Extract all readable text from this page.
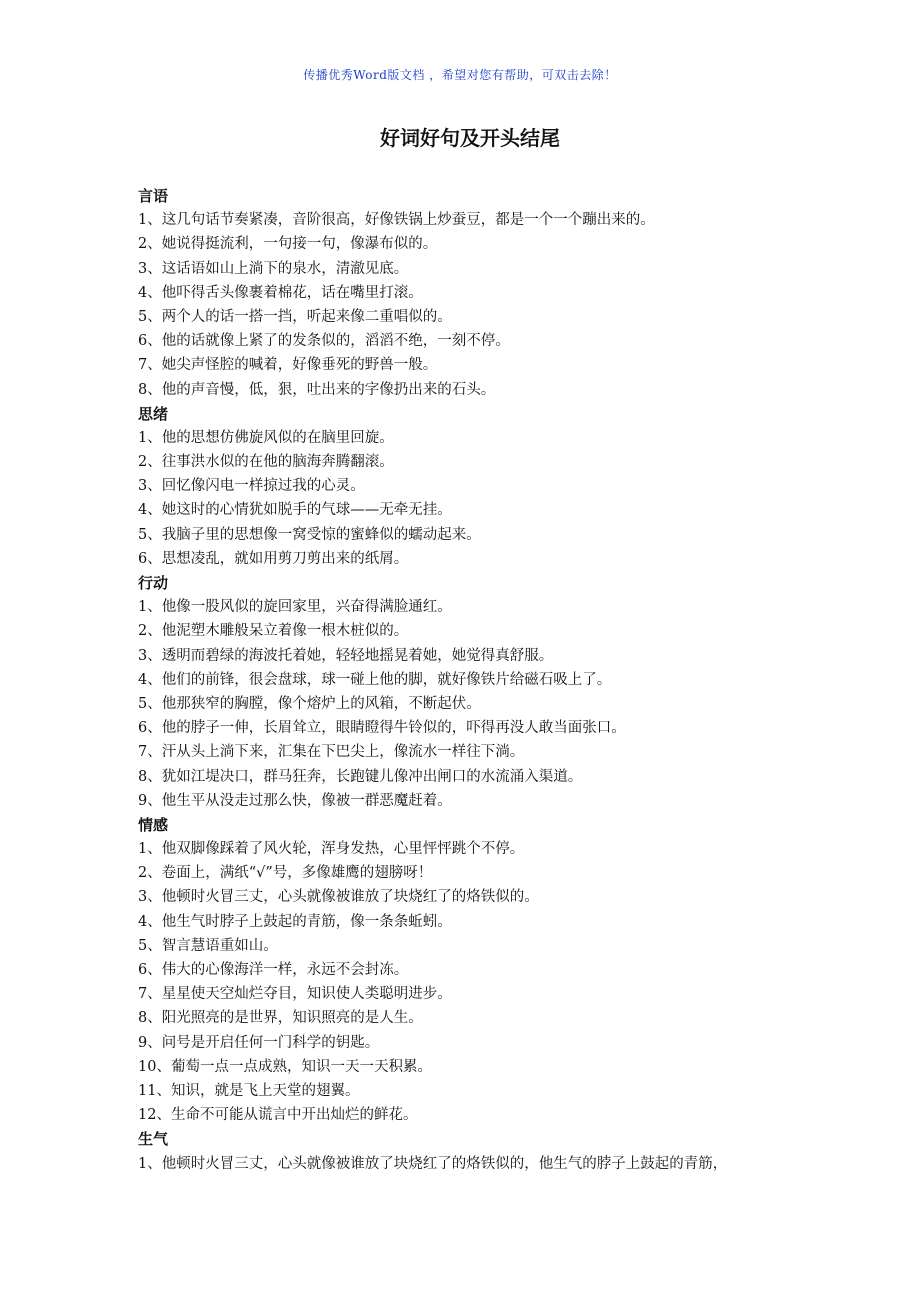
传播优秀Word版文档 ，希望对您有帮助，可双击去除！
好词好句及开头结尾
言语
1、这几句话节奏紧凑，音阶很高，好像铁锅上炒蚕豆，都是一个一个蹦出来的。
2、她说得挺流利，一句接一句，像瀑布似的。
3、这话语如山上淌下的泉水，清澈见底。
4、他吓得舌头像裹着棉花，话在嘴里打滚。
5、两个人的话一搭一挡，听起来像二重唱似的。
6、他的话就像上紧了的发条似的，滔滔不绝，一刻不停。
7、她尖声怪腔的喊着，好像垂死的野兽一般。
8、他的声音慢，低，狠，吐出来的字像扔出来的石头。
思绪
1、他的思想仿佛旋风似的在脑里回旋。
2、往事洪水似的在他的脑海奔腾翻滚。
3、回忆像闪电一样掠过我的心灵。
4、她这时的心情犹如脱手的气球——无牵无挂。
5、我脑子里的思想像一窝受惊的蜜蜂似的蠕动起来。
6、思想凌乱，就如用剪刀剪出来的纸屑。
行动
1、他像一股风似的旋回家里，兴奋得满脸通红。
2、他泥塑木雕般呆立着像一根木桩似的。
3、透明而碧绿的海波托着她，轻轻地摇晃着她，她觉得真舒服。
4、他们的前锋，很会盘球，球一碰上他的脚，就好像铁片给磁石吸上了。
5、他那狭窄的胸膛，像个熔炉上的风箱，不断起伏。
6、他的脖子一伸，长眉耸立，眼睛瞪得牛铃似的，吓得再没人敢当面张口。
7、汗从头上淌下来，汇集在下巴尖上，像流水一样往下淌。
8、犹如江堤决口，群马狂奔，长跑键儿像冲出闸口的水流涌入渠道。
9、他生平从没走过那么快，像被一群恶魔赶着。
情感
1、他双脚像踩着了风火轮，浑身发热，心里怦怦跳个不停。
2、卷面上，满纸“√”号，多像雄鹰的翅膀呀！
3、他顿时火冒三丈，心头就像被谁放了块烧红了的烙铁似的。
4、他生气时脖子上鼓起的青筋，像一条条蚯蚓。
5、智言慧语重如山。
6、伟大的心像海洋一样，永远不会封冻。
7、星星使天空灿烂夺目，知识使人类聪明进步。
8、阳光照亮的是世界，知识照亮的是人生。
9、问号是开启任何一门科学的钥匙。
10、葡萄一点一点成熟，知识一天一天积累。
11、知识，就是飞上天堂的翅翼。
12、生命不可能从谎言中开出灿烂的鲜花。
生气
1、他顿时火冒三丈，心头就像被谁放了块烧红了的烙铁似的，他生气的脖子上鼓起的青筋，
